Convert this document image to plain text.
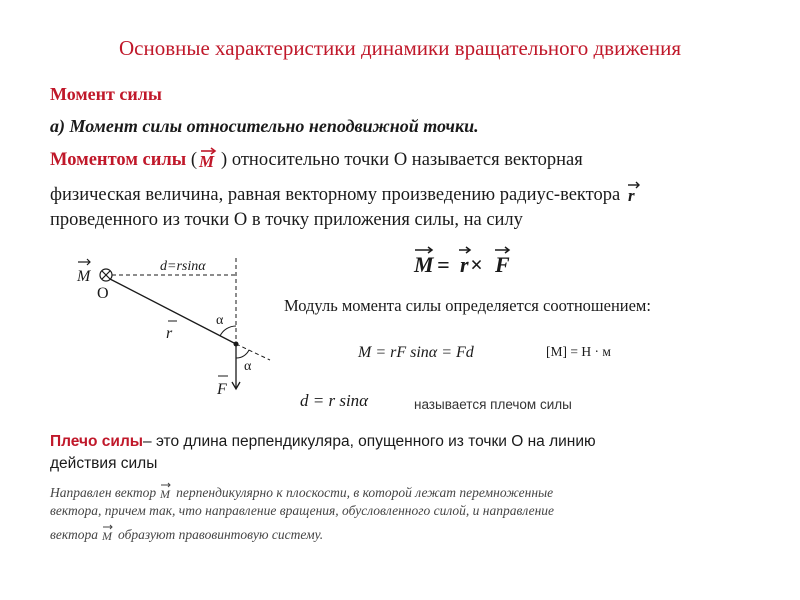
Основные характеристики динамики вращательного движения
Момент силы
а) Момент силы относительно неподвижной точки.
Моментом силы ( M ) относительно точки О называется векторная
физическая величина, равная векторному произведению радиус-вектора r
проведенного из точки О в точку приложения силы, на силу
M = r × F
M
O
d=rsinα
r
α
α
F
Модуль момента силы определяется соотношением:
M = rF sinα = Fd	[M] = Н · м
d = r sinα	называется плечом силы
Плечо силы– это длина перпендикуляра, опущенного из точки О на линию
действия силы
Направлен вектор M перпендикулярно к плоскости, в которой лежат перемноженные
вектора, причем так, что направление вращения, обусловленного силой, и направление
вектора M образуют правовинтовую систему.
